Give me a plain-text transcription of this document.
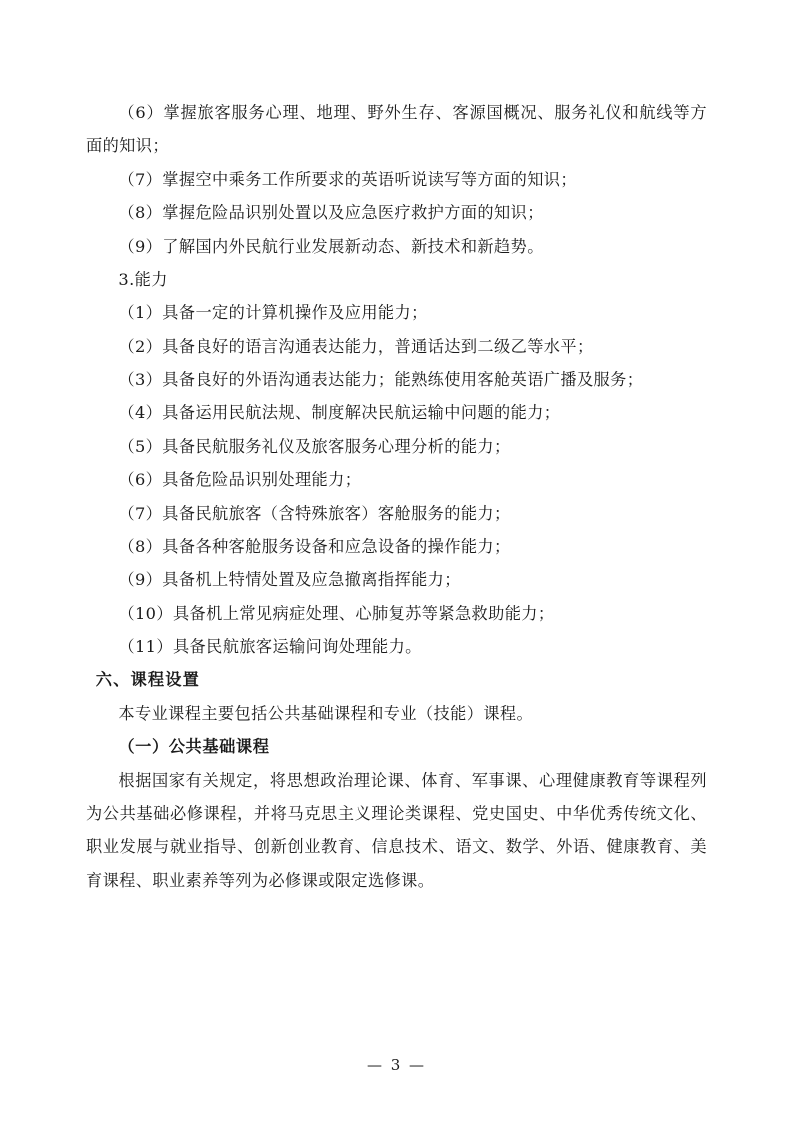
（6）掌握旅客服务心理、地理、野外生存、客源国概况、服务礼仪和航线等方面的知识；

（7）掌握空中乘务工作所要求的英语听说读写等方面的知识；

（8）掌握危险品识别处置以及应急医疗救护方面的知识；

（9）了解国内外民航行业发展新动态、新技术和新趋势。

3.能力

（1）具备一定的计算机操作及应用能力；

（2）具备良好的语言沟通表达能力，普通话达到二级乙等水平；

（3）具备良好的外语沟通表达能力；能熟练使用客舱英语广播及服务；

（4）具备运用民航法规、制度解决民航运输中问题的能力；

（5）具备民航服务礼仪及旅客服务心理分析的能力；

（6）具备危险品识别处理能力；

（7）具备民航旅客（含特殊旅客）客舱服务的能力；

（8）具备各种客舱服务设备和应急设备的操作能力；

（9）具备机上特情处置及应急撤离指挥能力；

（10）具备机上常见病症处理、心肺复苏等紧急救助能力；

（11）具备民航旅客运输问询处理能力。

六、课程设置

本专业课程主要包括公共基础课程和专业（技能）课程。

（一）公共基础课程

根据国家有关规定，将思想政治理论课、体育、军事课、心理健康教育等课程列为公共基础必修课程，并将马克思主义理论类课程、党史国史、中华优秀传统文化、职业发展与就业指导、创新创业教育、信息技术、语文、数学、外语、健康教育、美育课程、职业素养等列为必修课或限定选修课。

— 3 —
